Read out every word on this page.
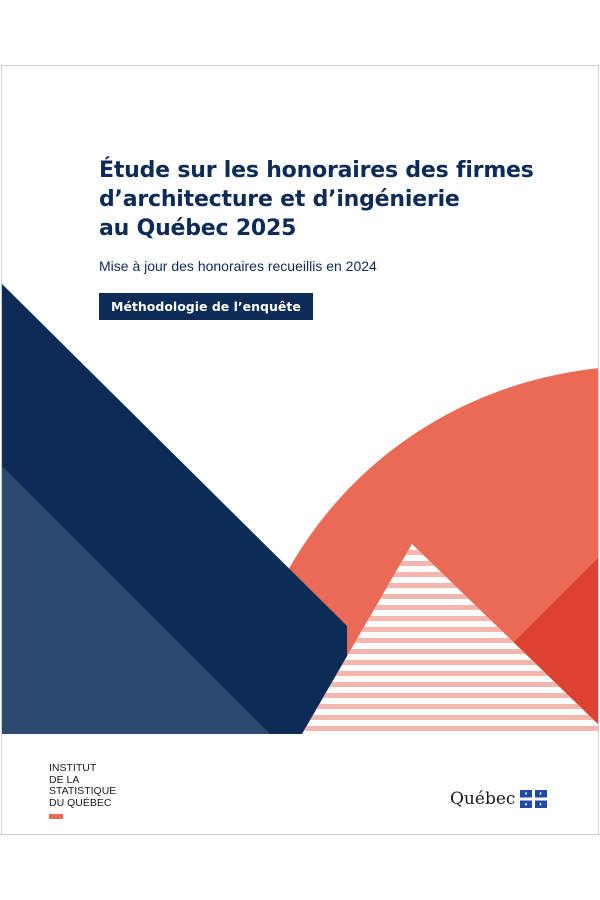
Étude sur les honoraires des firmes
d’architecture et d’ingénierie
au Québec 2025

Mise à jour des honoraires recueillis en 2024

Méthodologie de l’enquête
INSTITUT
DE LA
STATISTIQUE
DU QUÉBEC	Québec
